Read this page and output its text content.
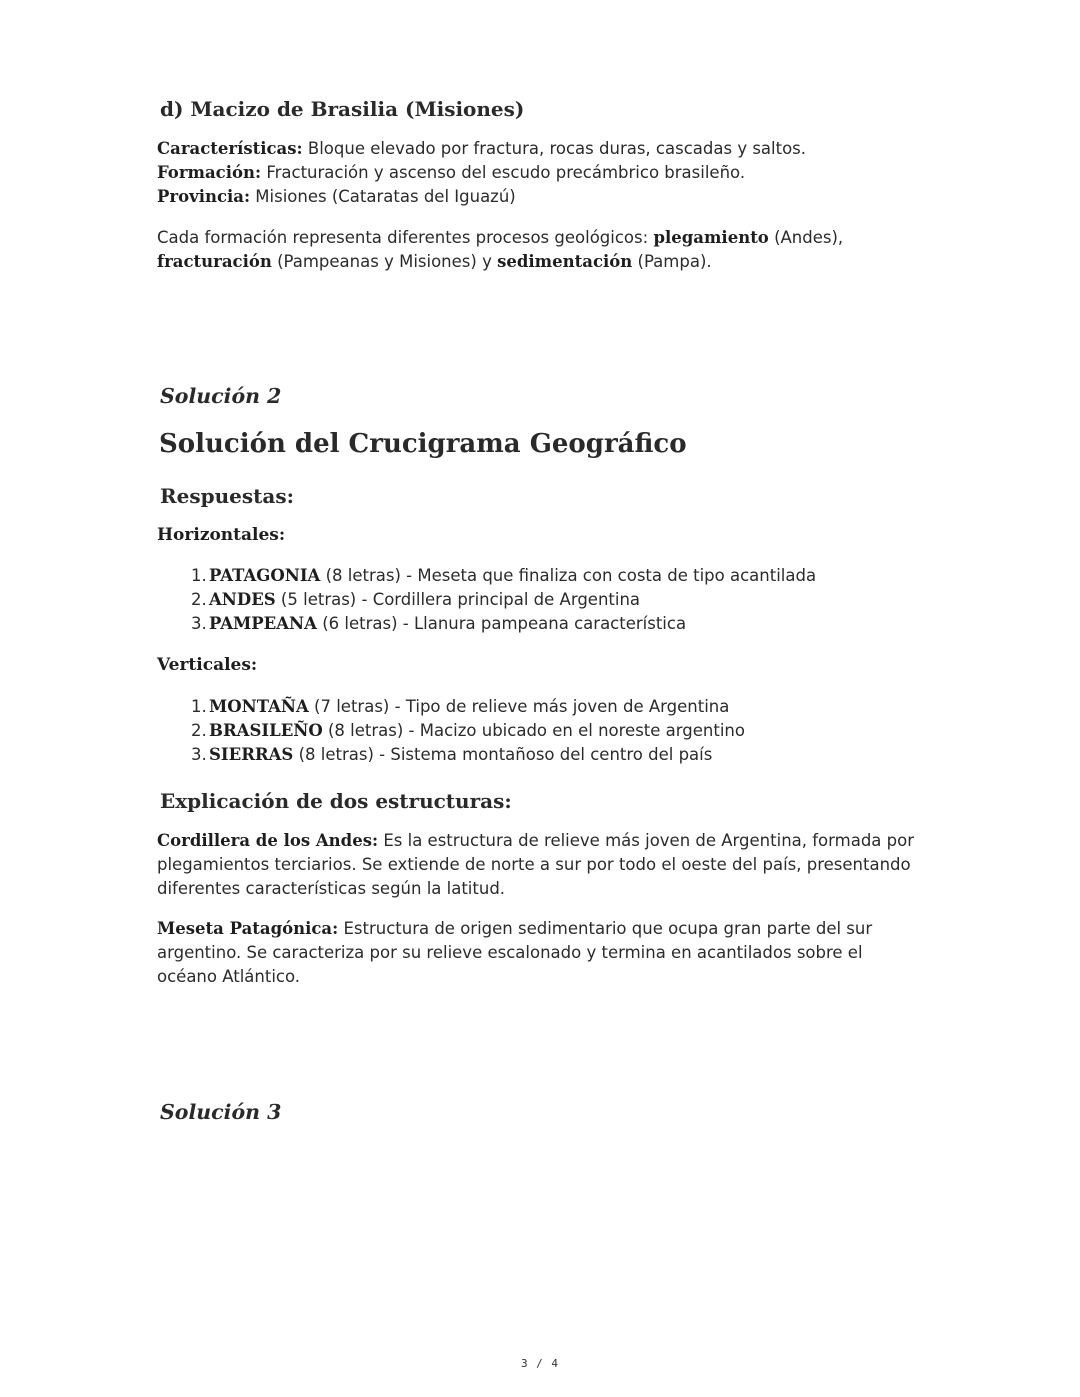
d) Macizo de Brasilia (Misiones)

Características: Bloque elevado por fractura, rocas duras, cascadas y saltos.
Formación: Fracturación y ascenso del escudo precámbrico brasileño.
Provincia: Misiones (Cataratas del Iguazú)

Cada formación representa diferentes procesos geológicos: plegamiento (Andes),
fracturación (Pampeanas y Misiones) y sedimentación (Pampa).

Solución 2
Solución del Crucigrama Geográfico
Respuestas:
Horizontales:
1. PATAGONIA (8 letras) - Meseta que finaliza con costa de tipo acantilada
2. ANDES (5 letras) - Cordillera principal de Argentina
3. PAMPEANA (6 letras) - Llanura pampeana característica
Verticales:
1. MONTAÑA (7 letras) - Tipo de relieve más joven de Argentina
2. BRASILEÑO (8 letras) - Macizo ubicado en el noreste argentino
3. SIERRAS (8 letras) - Sistema montañoso del centro del país
Explicación de dos estructuras:

Cordillera de los Andes: Es la estructura de relieve más joven de Argentina, formada por plegamientos terciarios. Se extiende de norte a sur por todo el oeste del país, presentando diferentes características según la latitud.

Meseta Patagónica: Estructura de origen sedimentario que ocupa gran parte del sur argentino. Se caracteriza por su relieve escalonado y termina en acantilados sobre el océano Atlántico.

Solución 3
3 / 4
